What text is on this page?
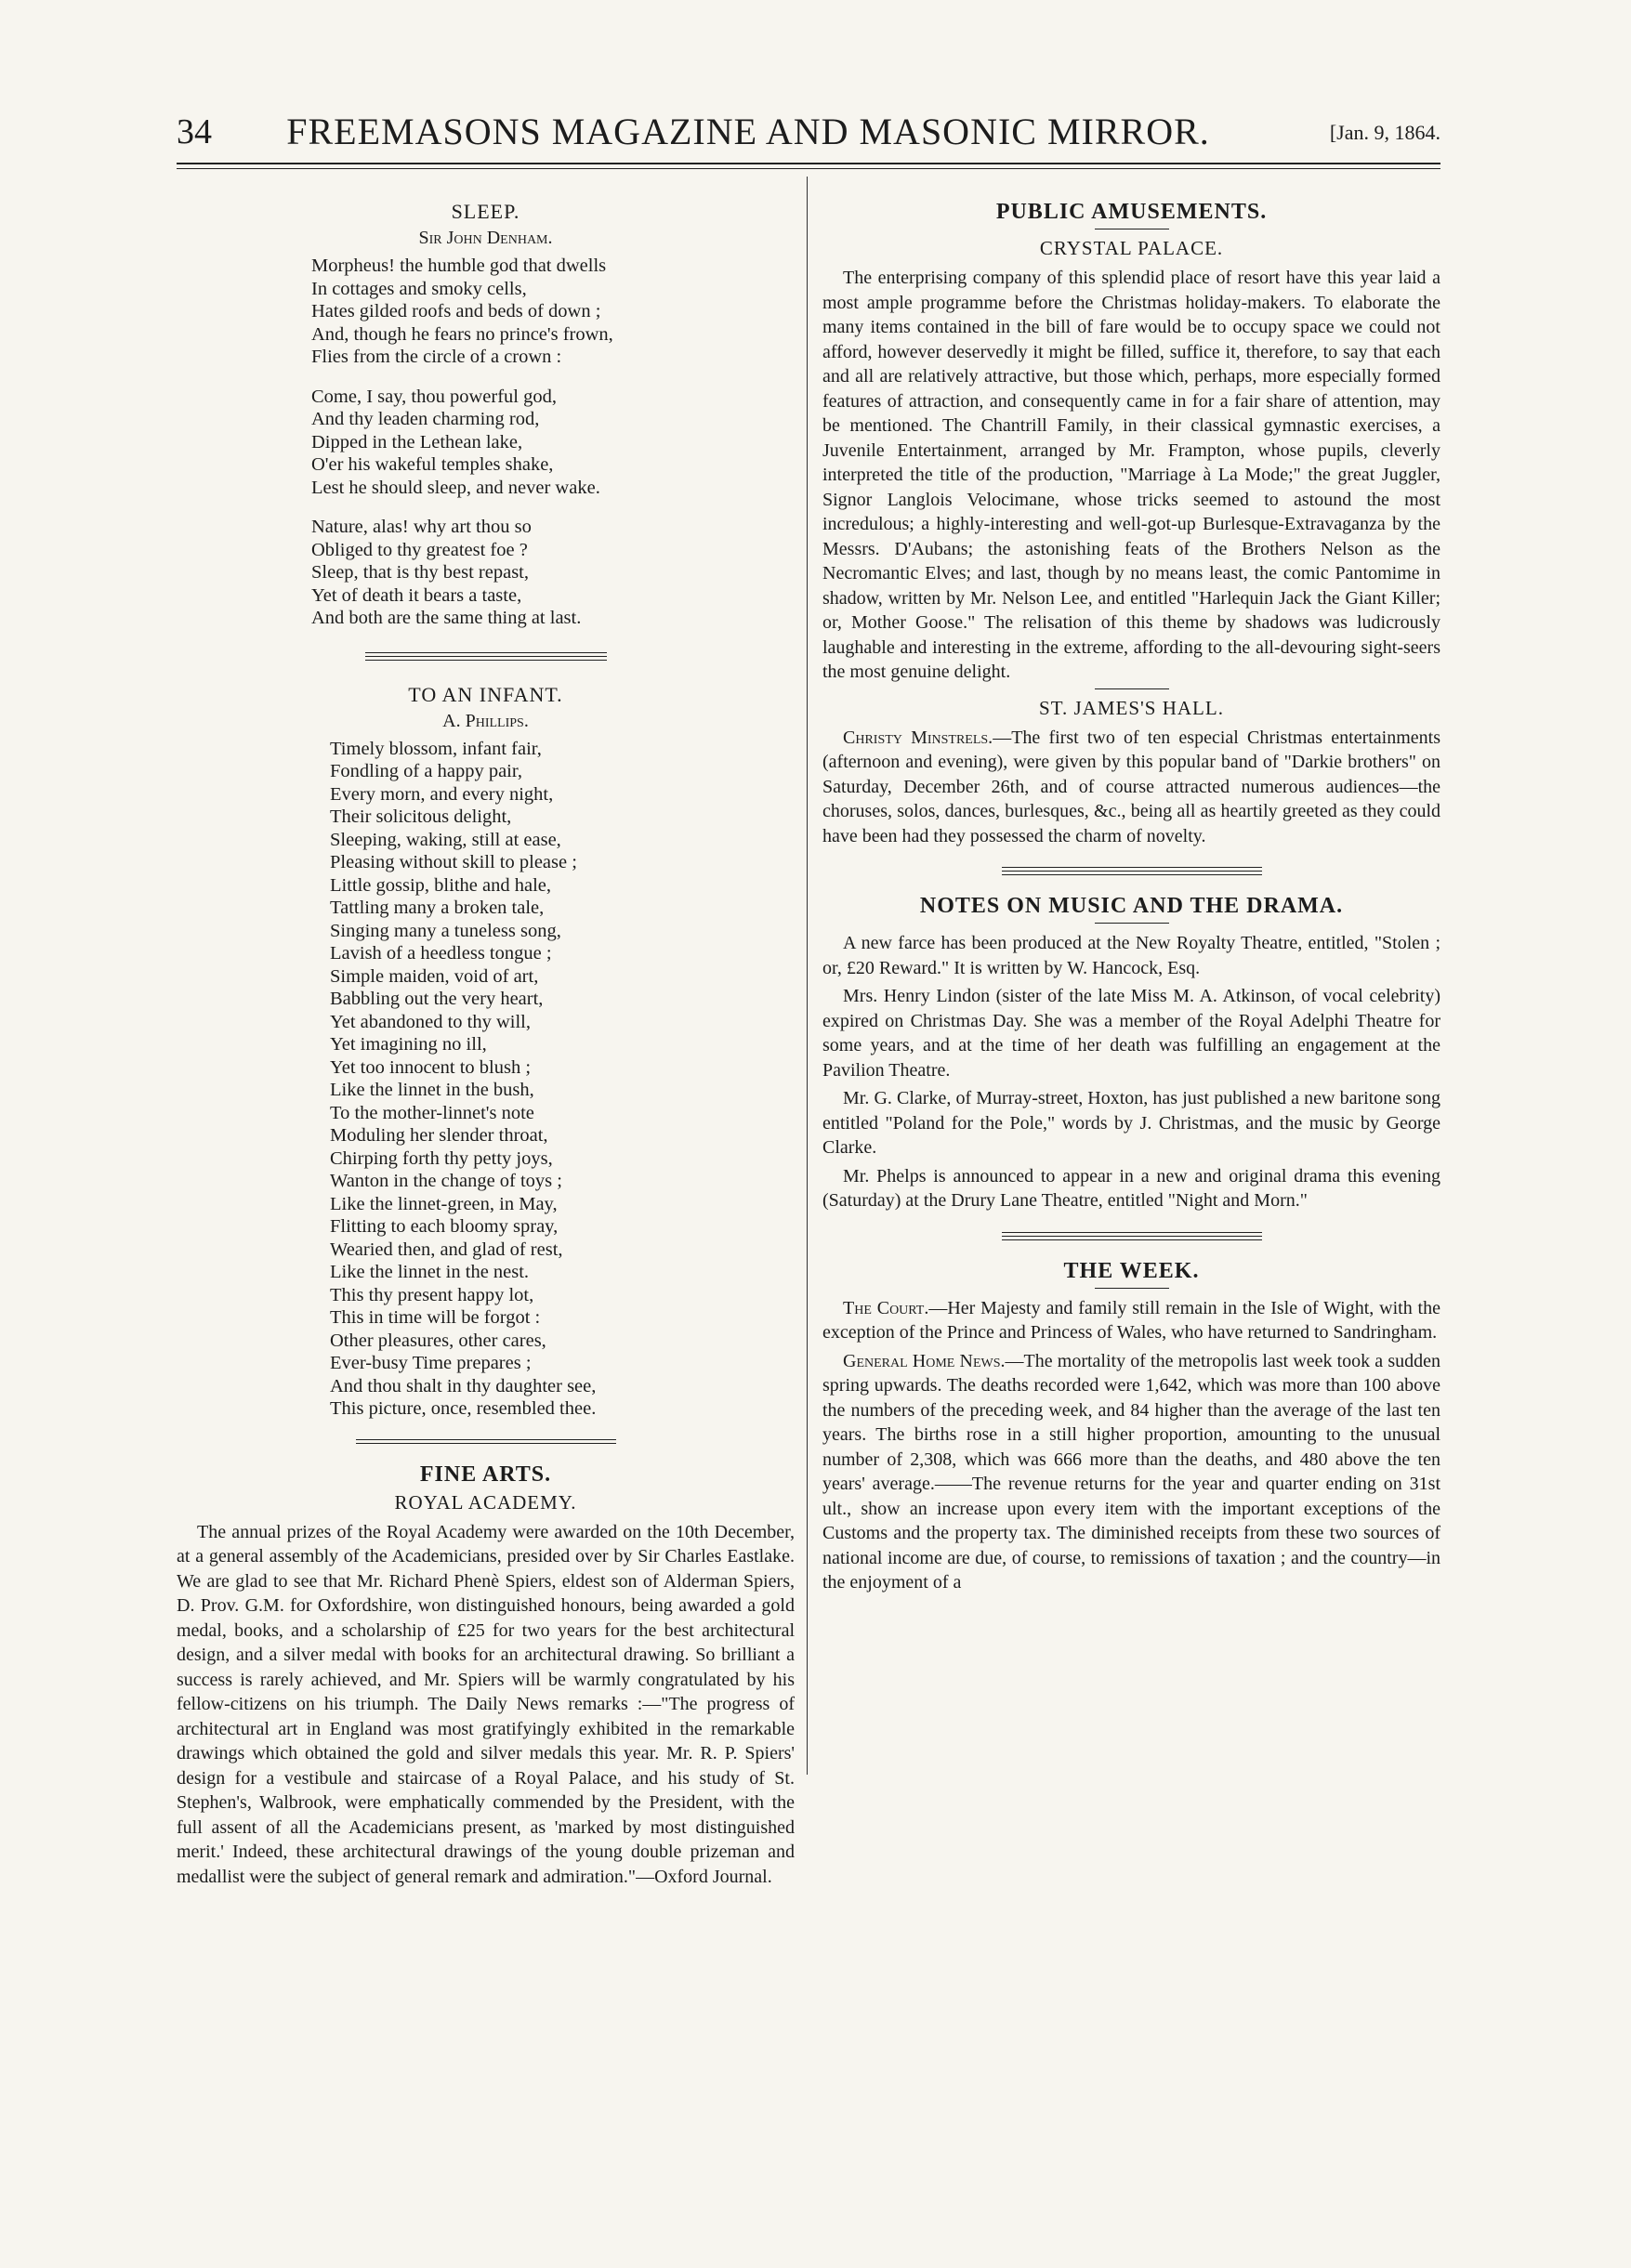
34	FREEMASONS MAGAZINE AND MASONIC MIRROR.	[Jan. 9, 1864.
SLEEP.
Sir John Denham.
Morpheus! the humble god that dwells
In cottages and smoky cells,
Hates gilded roofs and beds of down ;
And, though he fears no prince's frown,
Flies from the circle of a crown :
Come, I say, thou powerful god,
And thy leaden charming rod,
Dipped in the Lethean lake,
O'er his wakeful temples shake,
Lest he should sleep, and never wake.
Nature, alas! why art thou so
Obliged to thy greatest foe ?
Sleep, that is thy best repast,
Yet of death it bears a taste,
And both are the same thing at last.
TO AN INFANT.
A. Phillips.
Timely blossom, infant fair,
Fondling of a happy pair,
Every morn, and every night,
Their solicitous delight,
Sleeping, waking, still at ease,
Pleasing without skill to please ;
Little gossip, blithe and hale,
Tattling many a broken tale,
Singing many a tuneless song,
Lavish of a heedless tongue ;
Simple maiden, void of art,
Babbling out the very heart,
Yet abandoned to thy will,
Yet imagining no ill,
Yet too innocent to blush ;
Like the linnet in the bush,
To the mother-linnet's note
Moduling her slender throat,
Chirping forth thy petty joys,
Wanton in the change of toys ;
Like the linnet-green, in May,
Flitting to each bloomy spray,
Wearied then, and glad of rest,
Like the linnet in the nest.
This thy present happy lot,
This in time will be forgot :
Other pleasures, other cares,
Ever-busy Time prepares ;
And thou shalt in thy daughter see,
This picture, once, resembled thee.
FINE ARTS.
ROYAL ACADEMY.

The annual prizes of the Royal Academy were awarded on the 10th December, at a general assembly of the Academicians, presided over by Sir Charles Eastlake. We are glad to see that Mr. Richard Phenè Spiers, eldest son of Alderman Spiers, D. Prov. G.M. for Oxfordshire, won distinguished honours, being awarded a gold medal, books, and a scholarship of £25 for two years for the best architectural design, and a silver medal with books for an architectural drawing. So brilliant a success is rarely achieved, and Mr. Spiers will be warmly congratulated by his fellow-citizens on his triumph. The Daily News remarks :—"The progress of architectural art in England was most gratifyingly exhibited in the remarkable drawings which obtained the gold and silver medals this year. Mr. R. P. Spiers' design for a vestibule and staircase of a Royal Palace, and his study of St. Stephen's, Walbrook, were emphatically commended by the President, with the full assent of all the Academicians present, as 'marked by most distinguished merit.' Indeed, these architectural drawings of the young double prizeman and medallist were the subject of general remark and admiration."—Oxford Journal.

PUBLIC AMUSEMENTS.
CRYSTAL PALACE.

The enterprising company of this splendid place of resort have this year laid a most ample programme before the Christmas holiday-makers. To elaborate the many items contained in the bill of fare would be to occupy space we could not afford, however deservedly it might be filled, suffice it, therefore, to say that each and all are relatively attractive, but those which, perhaps, more especially formed features of attraction, and consequently came in for a fair share of attention, may be mentioned. The Chantrill Family, in their classical gymnastic exercises, a Juvenile Entertainment, arranged by Mr. Frampton, whose pupils, cleverly interpreted the title of the production, "Marriage à La Mode;" the great Juggler, Signor Langlois Velocimane, whose tricks seemed to astound the most incredulous; a highly-interesting and well-got-up Burlesque-Extravaganza by the Messrs. D'Aubans; the astonishing feats of the Brothers Nelson as the Necromantic Elves; and last, though by no means least, the comic Pantomime in shadow, written by Mr. Nelson Lee, and entitled "Harlequin Jack the Giant Killer; or, Mother Goose." The relisation of this theme by shadows was ludicrously laughable and interesting in the extreme, affording to the all-devouring sight-seers the most genuine delight.

ST. JAMES'S HALL.

Christy Minstrels.—The first two of ten especial Christmas entertainments (afternoon and evening), were given by this popular band of "Darkie brothers" on Saturday, December 26th, and of course attracted numerous audiences—the choruses, solos, dances, burlesques, &c., being all as heartily greeted as they could have been had they possessed the charm of novelty.

NOTES ON MUSIC AND THE DRAMA.

A new farce has been produced at the New Royalty Theatre, entitled, "Stolen ; or, £20 Reward." It is written by W. Hancock, Esq.

Mrs. Henry Lindon (sister of the late Miss M. A. Atkinson, of vocal celebrity) expired on Christmas Day. She was a member of the Royal Adelphi Theatre for some years, and at the time of her death was fulfilling an engagement at the Pavilion Theatre.

Mr. G. Clarke, of Murray-street, Hoxton, has just published a new baritone song entitled "Poland for the Pole," words by J. Christmas, and the music by George Clarke.

Mr. Phelps is announced to appear in a new and original drama this evening (Saturday) at the Drury Lane Theatre, entitled "Night and Morn."

THE WEEK.

The Court.—Her Majesty and family still remain in the Isle of Wight, with the exception of the Prince and Princess of Wales, who have returned to Sandringham.

General Home News.—The mortality of the metropolis last week took a sudden spring upwards. The deaths recorded were 1,642, which was more than 100 above the numbers of the preceding week, and 84 higher than the average of the last ten years. The births rose in a still higher proportion, amounting to the unusual number of 2,308, which was 666 more than the deaths, and 480 above the ten years' average.——The revenue returns for the year and quarter ending on 31st ult., show an increase upon every item with the important exceptions of the Customs and the property tax. The diminished receipts from these two sources of national income are due, of course, to remissions of taxation ; and the country—in the enjoyment of a
